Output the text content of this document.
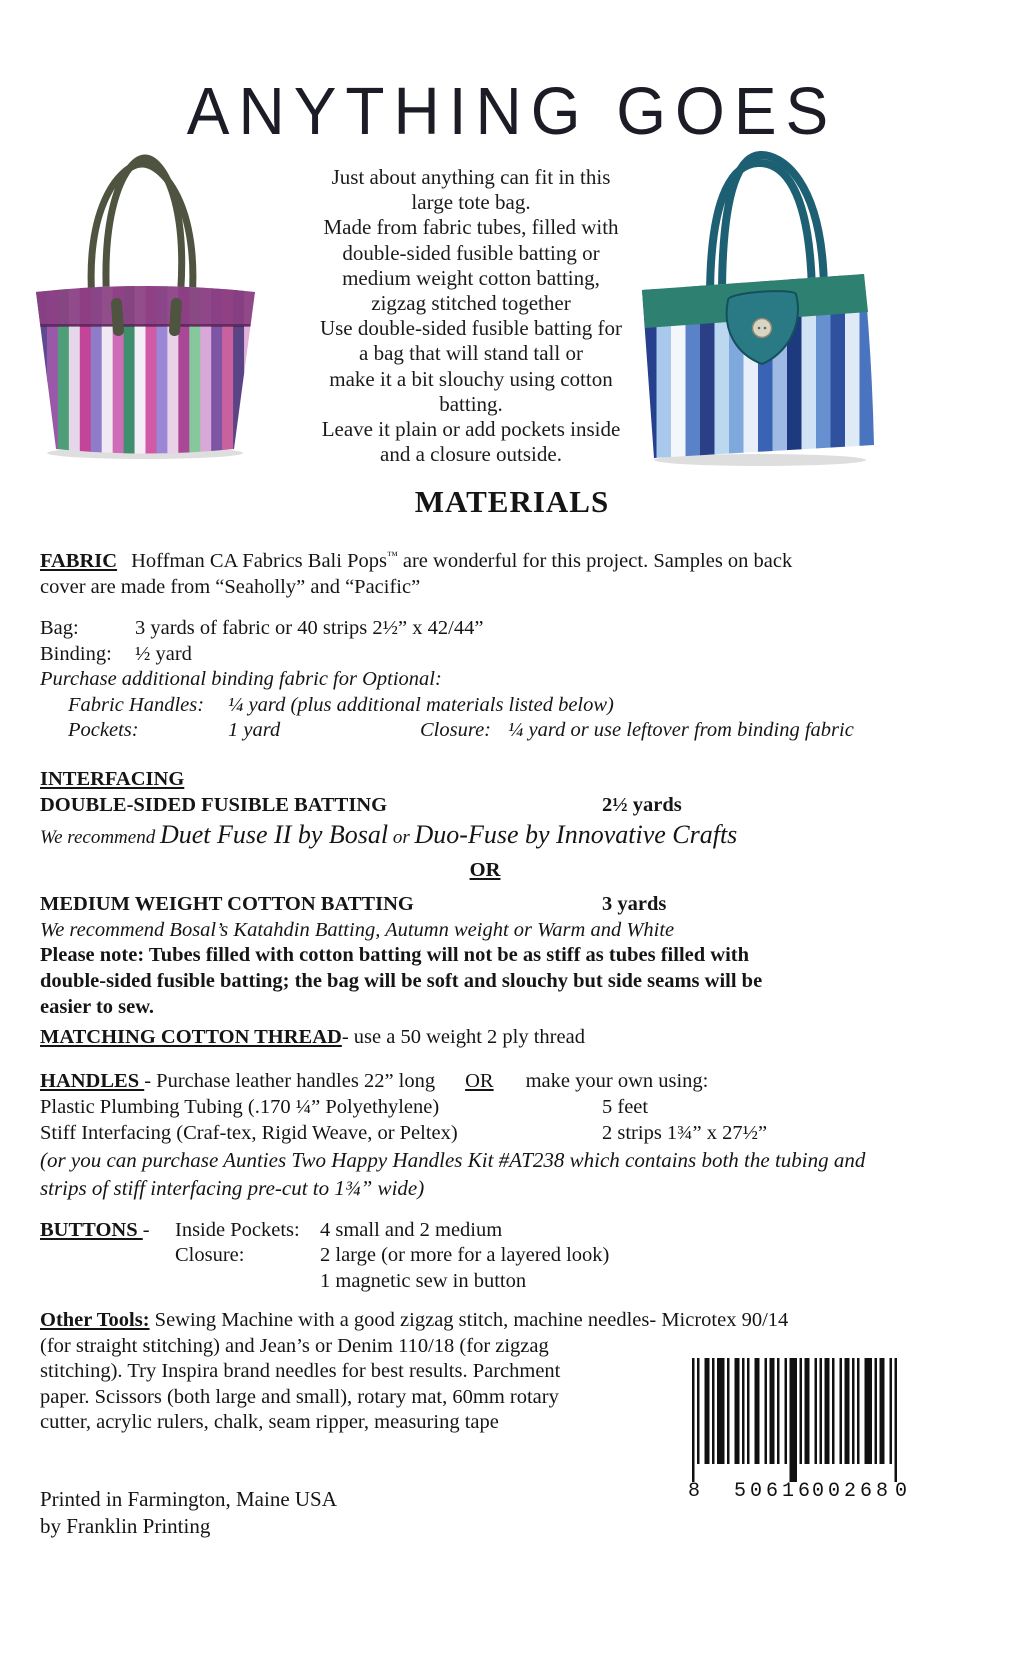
ANYTHING GOES
Just about anything can fit in this
large tote bag.
Made from fabric tubes, filled with
double-sided fusible batting or
medium weight cotton batting,
zigzag stitched together
Use double-sided fusible batting for
a bag that will stand tall or
make it a bit slouchy using cotton
batting.
Leave it plain or add pockets inside
and a closure outside.
MATERIALS
FABRIC Hoffman CA Fabrics Bali Pops™ are wonderful for this project. Samples on back
cover are made from “Seaholly” and “Pacific”
Bag:	3 yards of fabric or 40 strips 2½” x 42/44”
Binding:	½ yard
Purchase additional binding fabric for Optional:
Fabric Handles:	¼ yard (plus additional materials listed below)
Pockets:	1 yard	Closure: ¼ yard or use leftover from binding fabric
INTERFACING
DOUBLE-SIDED FUSIBLE BATTING	2½ yards
We recommend Duet Fuse II by Bosal or Duo-Fuse by Innovative Crafts
OR
MEDIUM WEIGHT COTTON BATTING	3 yards
We recommend Bosal’s Katahdin Batting, Autumn weight or Warm and White
Please note: Tubes filled with cotton batting will not be as stiff as tubes filled with
double-sided fusible batting; the bag will be soft and slouchy but side seams will be
easier to sew.
MATCHING COTTON THREAD- use a 50 weight 2 ply thread
HANDLES - Purchase leather handles 22” long OR make your own using:
Plastic Plumbing Tubing (.170 ¼” Polyethylene)	5 feet
Stiff Interfacing (Craf-tex, Rigid Weave, or Peltex)	2 strips 1¾” x 27½”
(or you can purchase Aunties Two Happy Handles Kit #AT238 which contains both the tubing and
strips of stiff interfacing pre-cut to 1¾” wide)
BUTTONS -	Inside Pockets: 4 small and 2 medium
Closure:	2 large (or more for a layered look)
1 magnetic sew in button
Other Tools: Sewing Machine with a good zigzag stitch, machine needles- Microtex 90/14
(for straight stitching) and Jean’s or Denim 110/18 (for zigzag
stitching). Try Inspira brand needles for best results. Parchment
paper. Scissors (both large and small), rotary mat, 60mm rotary
cutter, acrylic rulers, chalk, seam ripper, measuring tape
8 50616
00268 0
Printed in Farmington, Maine USA
by Franklin Printing
